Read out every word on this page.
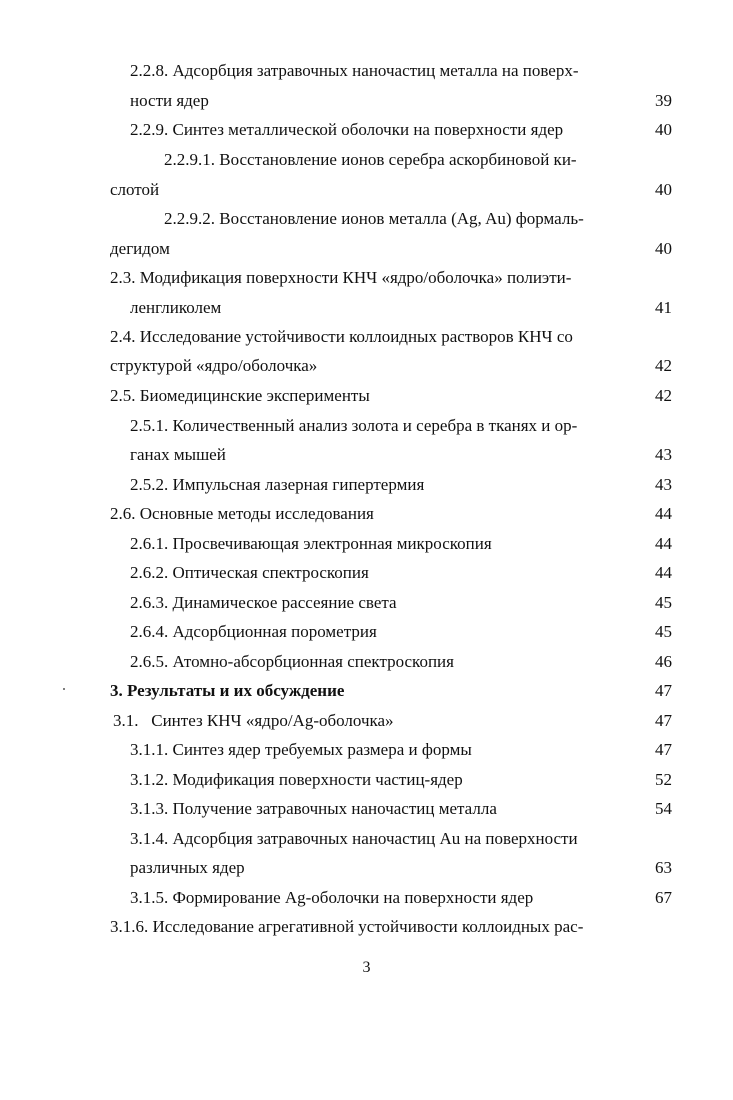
2.2.8. Адсорбция затравочных наночастиц металла на поверх-
ности ядер	39
2.2.9. Синтез металлической оболочки на поверхности ядер	40
2.2.9.1. Восстановление ионов серебра аскорбиновой ки-
слотой	40
2.2.9.2. Восстановление ионов металла (Ag, Au) формаль-
дегидом	40
2.3. Модификация поверхности КНЧ «ядро/оболочка» полиэти-
ленгликолем	41
2.4. Исследование устойчивости коллоидных растворов КНЧ со
структурой «ядро/оболочка»	42
2.5. Биомедицинские эксперименты	42
2.5.1. Количественный анализ золота и серебра в тканях и ор-
ганах мышей	43
2.5.2. Импульсная лазерная гипертермия	43
2.6. Основные методы исследования	44
2.6.1. Просвечивающая электронная микроскопия	44
2.6.2. Оптическая спектроскопия	44
2.6.3. Динамическое рассеяние света	45
2.6.4. Адсорбционная порометрия	45
2.6.5. Атомно-абсорбционная спектроскопия	46
3. Результаты и их обсуждение	47
3.1.   Синтез КНЧ «ядро/Ag-оболочка»	47
3.1.1. Синтез ядер требуемых размера и формы	47
3.1.2. Модификация поверхности частиц-ядер	52
3.1.3. Получение затравочных наночастиц металла	54
3.1.4. Адсорбция затравочных наночастиц Au на поверхности
различных ядер	63
3.1.5. Формирование Ag-оболочки на поверхности ядер	67
3.1.6. Исследование агрегативной устойчивости коллоидных рас-
3
